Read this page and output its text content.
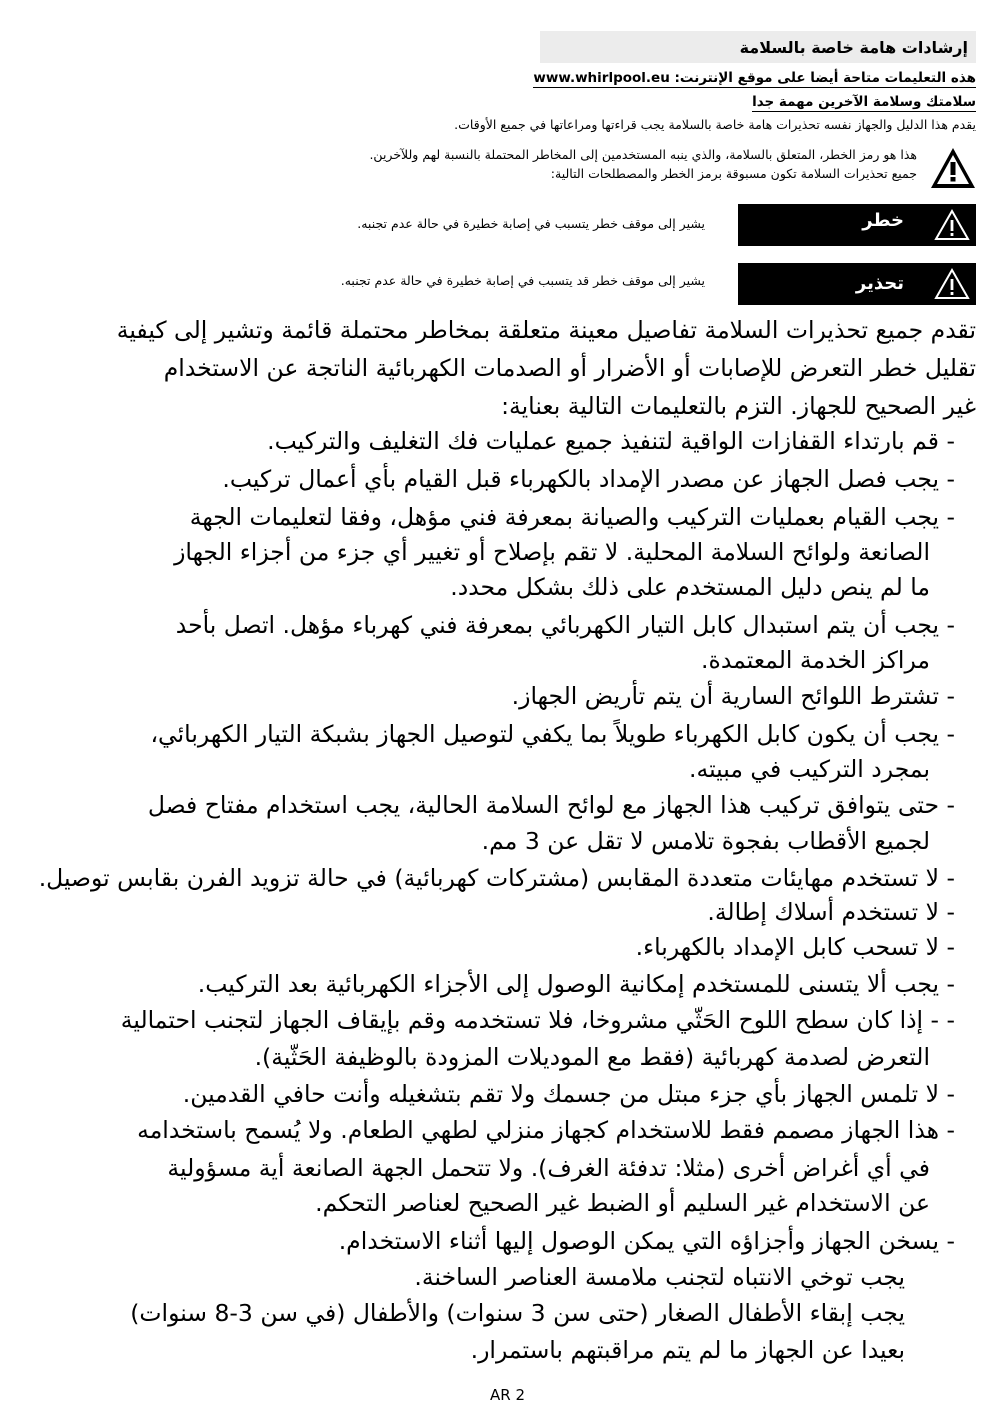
إرشادات هامة خاصة بالسلامة
هذه التعليمات متاحة أيضا على موقع الإنترنت: www.whirlpool.eu
سلامتك وسلامة الآخرين مهمة جدا
يقدم هذا الدليل والجهاز نفسه تحذيرات هامة خاصة بالسلامة يجب قراءتها ومراعاتها في جميع الأوقات.
هذا هو رمز الخطر، المتعلق بالسلامة، والذي ينبه المستخدمين إلى المخاطر المحتملة بالنسبة لهم وللآخرين.
جميع تحذيرات السلامة تكون مسبوقة برمز الخطر والمصطلحات التالية:
خطر
يشير إلى موقف خطر يتسبب في إصابة خطيرة في حالة عدم تجنبه.
تحذير
يشير إلى موقف خطر قد يتسبب في إصابة خطيرة في حالة عدم تجنبه.
تقدم جميع تحذيرات السلامة تفاصيل معينة متعلقة بمخاطر محتملة قائمة وتشير إلى كيفية
تقليل خطر التعرض للإصابات أو الأضرار أو الصدمات الكهربائية الناتجة عن الاستخدام
غير الصحيح للجهاز. التزم بالتعليمات التالية بعناية:
- قم بارتداء القفازات الواقية لتنفيذ جميع عمليات فك التغليف والتركيب.
- يجب فصل الجهاز عن مصدر الإمداد بالكهرباء قبل القيام بأي أعمال تركيب.
- يجب القيام بعمليات التركيب والصيانة بمعرفة فني مؤهل، وفقا لتعليمات الجهة
الصانعة ولوائح السلامة المحلية. لا تقم بإصلاح أو تغيير أي جزء من أجزاء الجهاز
ما لم ينص دليل المستخدم على ذلك بشكل محدد.
- يجب أن يتم استبدال كابل التيار الكهربائي بمعرفة فني كهرباء مؤهل. اتصل بأحد
مراكز الخدمة المعتمدة.
- تشترط اللوائح السارية أن يتم تأريض الجهاز.
- يجب أن يكون كابل الكهرباء طويلاً بما يكفي لتوصيل الجهاز بشبكة التيار الكهربائي،
بمجرد التركيب في مبيته.
- حتى يتوافق تركيب هذا الجهاز مع لوائح السلامة الحالية، يجب استخدام مفتاح فصل
لجميع الأقطاب بفجوة تلامس لا تقل عن 3 مم.
- لا تستخدم مهايئات متعددة المقابس (مشتركات كهربائية) في حالة تزويد الفرن بقابس توصيل.
- لا تستخدم أسلاك إطالة.
- لا تسحب كابل الإمداد بالكهرباء.
- يجب ألا يتسنى للمستخدم إمكانية الوصول إلى الأجزاء الكهربائية بعد التركيب.
- - إذا كان سطح اللوح الحَثّي مشروخا، فلا تستخدمه وقم بإيقاف الجهاز لتجنب احتمالية
التعرض لصدمة كهربائية (فقط مع الموديلات المزودة بالوظيفة الحَثّية).
- لا تلمس الجهاز بأي جزء مبتل من جسمك ولا تقم بتشغيله وأنت حافي القدمين.
- هذا الجهاز مصمم فقط للاستخدام كجهاز منزلي لطهي الطعام. ولا يُسمح باستخدامه
في أي أغراض أخرى (مثلا: تدفئة الغرف). ولا تتحمل الجهة الصانعة أية مسؤولية
عن الاستخدام غير السليم أو الضبط غير الصحيح لعناصر التحكم.
- يسخن الجهاز وأجزاؤه التي يمكن الوصول إليها أثناء الاستخدام.
يجب توخي الانتباه لتجنب ملامسة العناصر الساخنة.
يجب إبقاء الأطفال الصغار (حتى سن 3 سنوات) والأطفال (في سن 3-8 سنوات)
بعيدا عن الجهاز ما لم يتم مراقبتهم باستمرار.
AR 2
